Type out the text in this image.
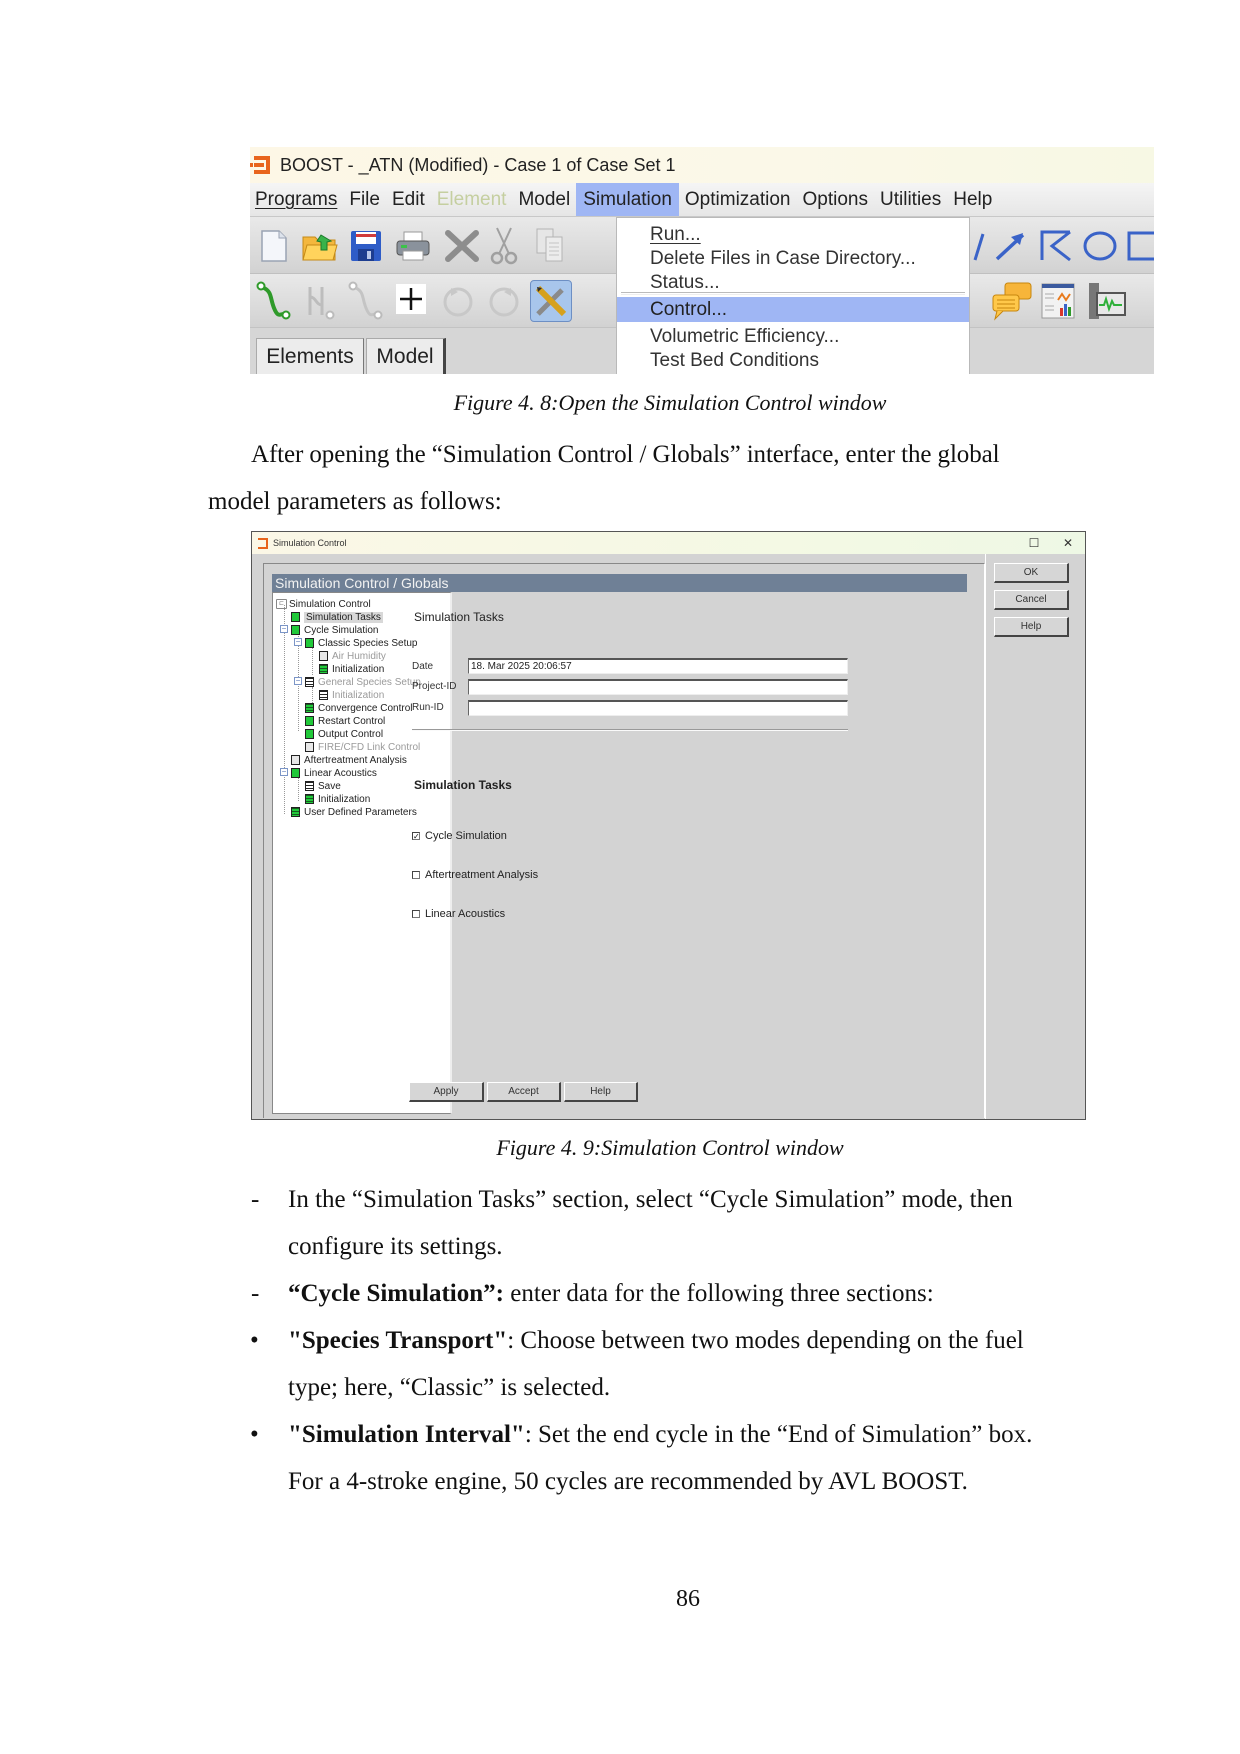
BOOST - _ATN (Modified) - Case 1 of Case Set 1
Programs File Edit Element Model Simulation Optimization Options Utilities Help
Elements Model
Run...
Delete Files in Case Directory...
Status...
Control...
Volumetric Efficiency...
Test Bed Conditions
Figure 4. 8:Open the Simulation Control window
After opening the “Simulation Control / Globals” interface, enter the global
model parameters as follows:
Simulation Control	☐	✕
Simulation Control / Globals
⊏ Simulation Control
Simulation Tasks
− Cycle Simulation
− Classic Species Setup
Air Humidity
Initialization
− General Species Setup
Initialization
Convergence Control
Restart Control
Output Control
FIRE/CFD Link Control
Aftertreatment Analysis
− Linear Acoustics
Save
Initialization
User Defined Parameters
Simulation Tasks
Date	18. Mar 2025 20:06:57
Project-ID
Run-ID
Simulation Tasks
✓ Cycle Simulation
Aftertreatment Analysis
Linear Acoustics
Apply	Accept	Help
OK
Cancel
Help
Figure 4. 9:Simulation Control window
- In the “Simulation Tasks” section, select “Cycle Simulation” mode, then
configure its settings.
- “Cycle Simulation”: enter data for the following three sections:
• "Species Transport": Choose between two modes depending on the fuel
type; here, “Classic” is selected.
• "Simulation Interval": Set the end cycle in the “End of Simulation” box.
For a 4-stroke engine, 50 cycles are recommended by AVL BOOST.
86
